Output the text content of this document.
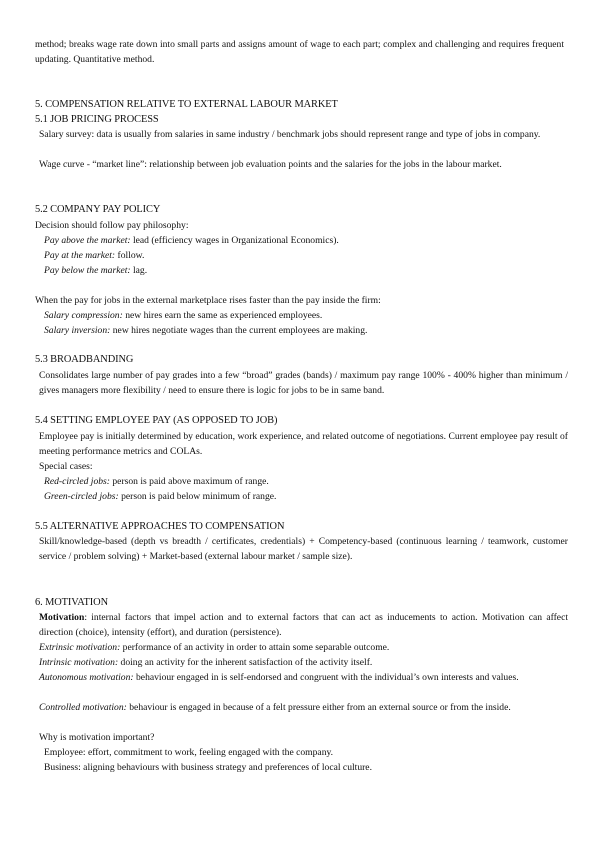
method; breaks wage rate down into small parts and assigns amount of wage to each part; complex and challenging and requires frequent updating. Quantitative method.

5. COMPENSATION RELATIVE TO EXTERNAL LABOUR MARKET
5.1 JOB PRICING PROCESS

Salary survey: data is usually from salaries in same industry / benchmark jobs should represent range and type of jobs in company.

Wage curve - “market line”: relationship between job evaluation points and the salaries for the jobs in the labour market.

5.2 COMPANY PAY POLICY
Decision should follow pay philosophy:
Pay above the market: lead (efficiency wages in Organizational Economics).
Pay at the market: follow.
Pay below the market: lag.
When the pay for jobs in the external marketplace rises faster than the pay inside the firm:
Salary compression: new hires earn the same as experienced employees.
Salary inversion: new hires negotiate wages than the current employees are making.
5.3 BROADBANDING

Consolidates large number of pay grades into a few “broad” grades (bands) / maximum pay range 100% - 400% higher than minimum / gives managers more flexibility / need to ensure there is logic for jobs to be in same band.

5.4 SETTING EMPLOYEE PAY (AS OPPOSED TO JOB)

Employee pay is initially determined by education, work experience, and related outcome of negotiations. Current employee pay result of meeting performance metrics and COLAs.

Special cases:
Red-circled jobs: person is paid above maximum of range.
Green-circled jobs: person is paid below minimum of range.
5.5 ALTERNATIVE APPROACHES TO COMPENSATION

Skill/knowledge-based (depth vs breadth / certificates, credentials) + Competency-based (continuous learning / teamwork, customer service / problem solving) + Market-based (external labour market / sample size).

6. MOTIVATION

Motivation: internal factors that impel action and to external factors that can act as inducements to action. Motivation can affect direction (choice), intensity (effort), and duration (persistence).

Extrinsic motivation: performance of an activity in order to attain some separable outcome.
Intrinsic motivation: doing an activity for the inherent satisfaction of the activity itself.

Autonomous motivation: behaviour engaged in is self-endorsed and congruent with the individual’s own interests and values.

Controlled motivation: behaviour is engaged in because of a felt pressure either from an external source or from the inside.

Why is motivation important?
Employee: effort, commitment to work, feeling engaged with the company.
Business: aligning behaviours with business strategy and preferences of local culture.
